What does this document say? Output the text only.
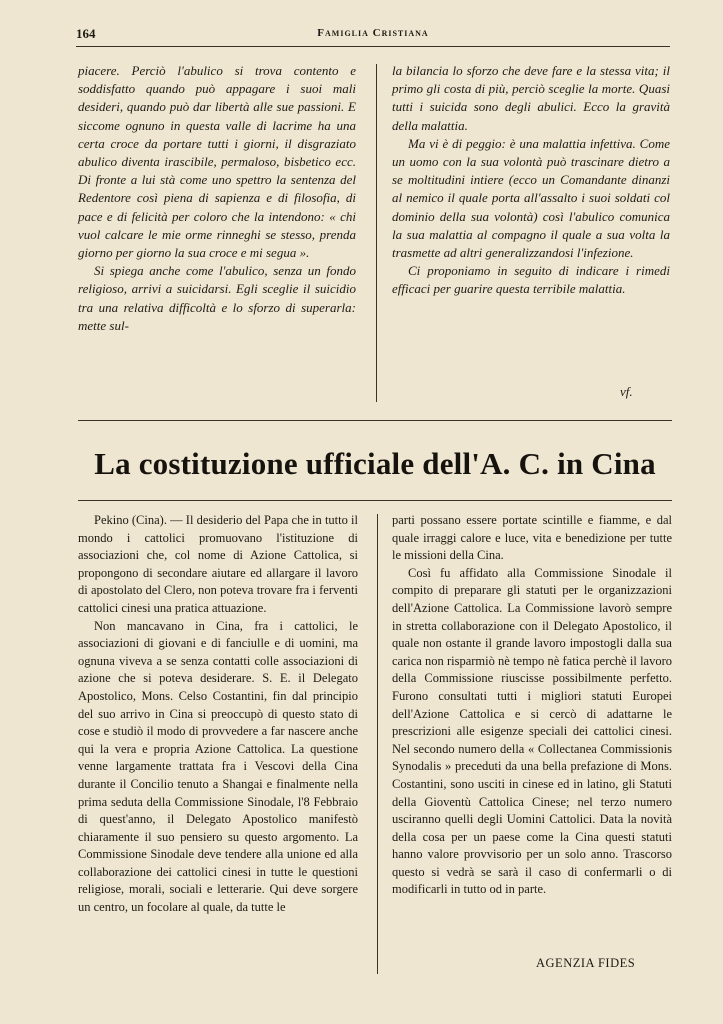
164	Famiglia Cristiana

piacere. Perciò l'abulico si trova contento e soddisfatto quando può appagare i suoi mali desideri, quando può dar libertà alle sue passioni. E siccome ognuno in questa valle di lacrime ha una certa croce da portare tutti i giorni, il disgraziato abulico diventa irascibile, permaloso, bisbetico ecc. Di fronte a lui stà come uno spettro la sentenza del Redentore così piena di sapienza e di filosofia, di pace e di felicità per coloro che la intendono: « chi vuol calcare le mie orme rinneghi se stesso, prenda giorno per giorno la sua croce e mi segua ».

Si spiega anche come l'abulico, senza un fondo religioso, arrivi a suicidarsi. Egli sceglie il suicidio tra una relativa difficoltà e lo sforzo di superarla: mette sul-

la bilancia lo sforzo che deve fare e la stessa vita; il primo gli costa di più, perciò sceglie la morte. Quasi tutti i suicida sono degli abulici. Ecco la gravità della malattia.

Ma vi è di peggio: è una malattia infettiva. Come un uomo con la sua volontà può trascinare dietro a se moltitudini intiere (ecco un Comandante dinanzi al nemico il quale porta all'assalto i suoi soldati col dominio della sua volontà) così l'abulico comunica la sua malattia al compagno il quale a sua volta la trasmette ad altri generalizzandosi l'infezione.

Ci proponiamo in seguito di indicare i rimedi efficaci per guarire questa terribile malattia.

vf.
La costituzione ufficiale dell'A. C. in Cina

Pekino (Cina). — Il desiderio del Papa che in tutto il mondo i cattolici promuovano l'istituzione di associazioni che, col nome di Azione Cattolica, si propongono di secondare aiutare ed allargare il lavoro di apostolato del Clero, non poteva trovare fra i ferventi cattolici cinesi una pratica attuazione.

Non mancavano in Cina, fra i cattolici, le associazioni di giovani e di fanciulle e di uomini, ma ognuna viveva a se senza contatti colle associazioni di azione che si poteva desiderare. S. E. il Delegato Apostolico, Mons. Celso Costantini, fin dal principio del suo arrivo in Cina si preoccupò di questo stato di cose e studiò il modo di provvedere a far nascere anche qui la vera e propria Azione Cattolica. La questione venne largamente trattata fra i Vescovi della Cina durante il Concilio tenuto a Shangai e finalmente nella prima seduta della Commissione Sinodale, l'8 Febbraio di quest'anno, il Delegato Apostolico manifestò chiaramente il suo pensiero su questo argomento. La Commissione Sinodale deve tendere alla unione ed alla collaborazione dei cattolici cinesi in tutte le questioni religiose, morali, sociali e letterarie. Qui deve sorgere un centro, un focolare al quale, da tutte le

parti possano essere portate scintille e fiamme, e dal quale irraggi calore e luce, vita e benedizione per tutte le missioni della Cina.

Così fu affidato alla Commissione Sinodale il compito di preparare gli statuti per le organizzazioni dell'Azione Cattolica. La Commissione lavorò sempre in stretta collaborazione con il Delegato Apostolico, il quale non ostante il grande lavoro impostogli dalla sua carica non risparmiò nè tempo nè fatica perchè il lavoro della Commissione riuscisse possibilmente perfetto. Furono consultati tutti i migliori statuti Europei dell'Azione Cattolica e si cercò di adattarne le prescrizioni alle esigenze speciali dei cattolici cinesi. Nel secondo numero della « Collectanea Commissionis Synodalis » preceduti da una bella prefazione di Mons. Costantini, sono usciti in cinese ed in latino, gli Statuti della Gioventù Cattolica Cinese; nel terzo numero usciranno quelli degli Uomini Cattolici. Data la novità della cosa per un paese come la Cina questi statuti hanno valore provvisorio per un solo anno. Trascorso questo si vedrà se sarà il caso di confermarli o di modificarli in tutto od in parte.

AGENZIA FIDES
